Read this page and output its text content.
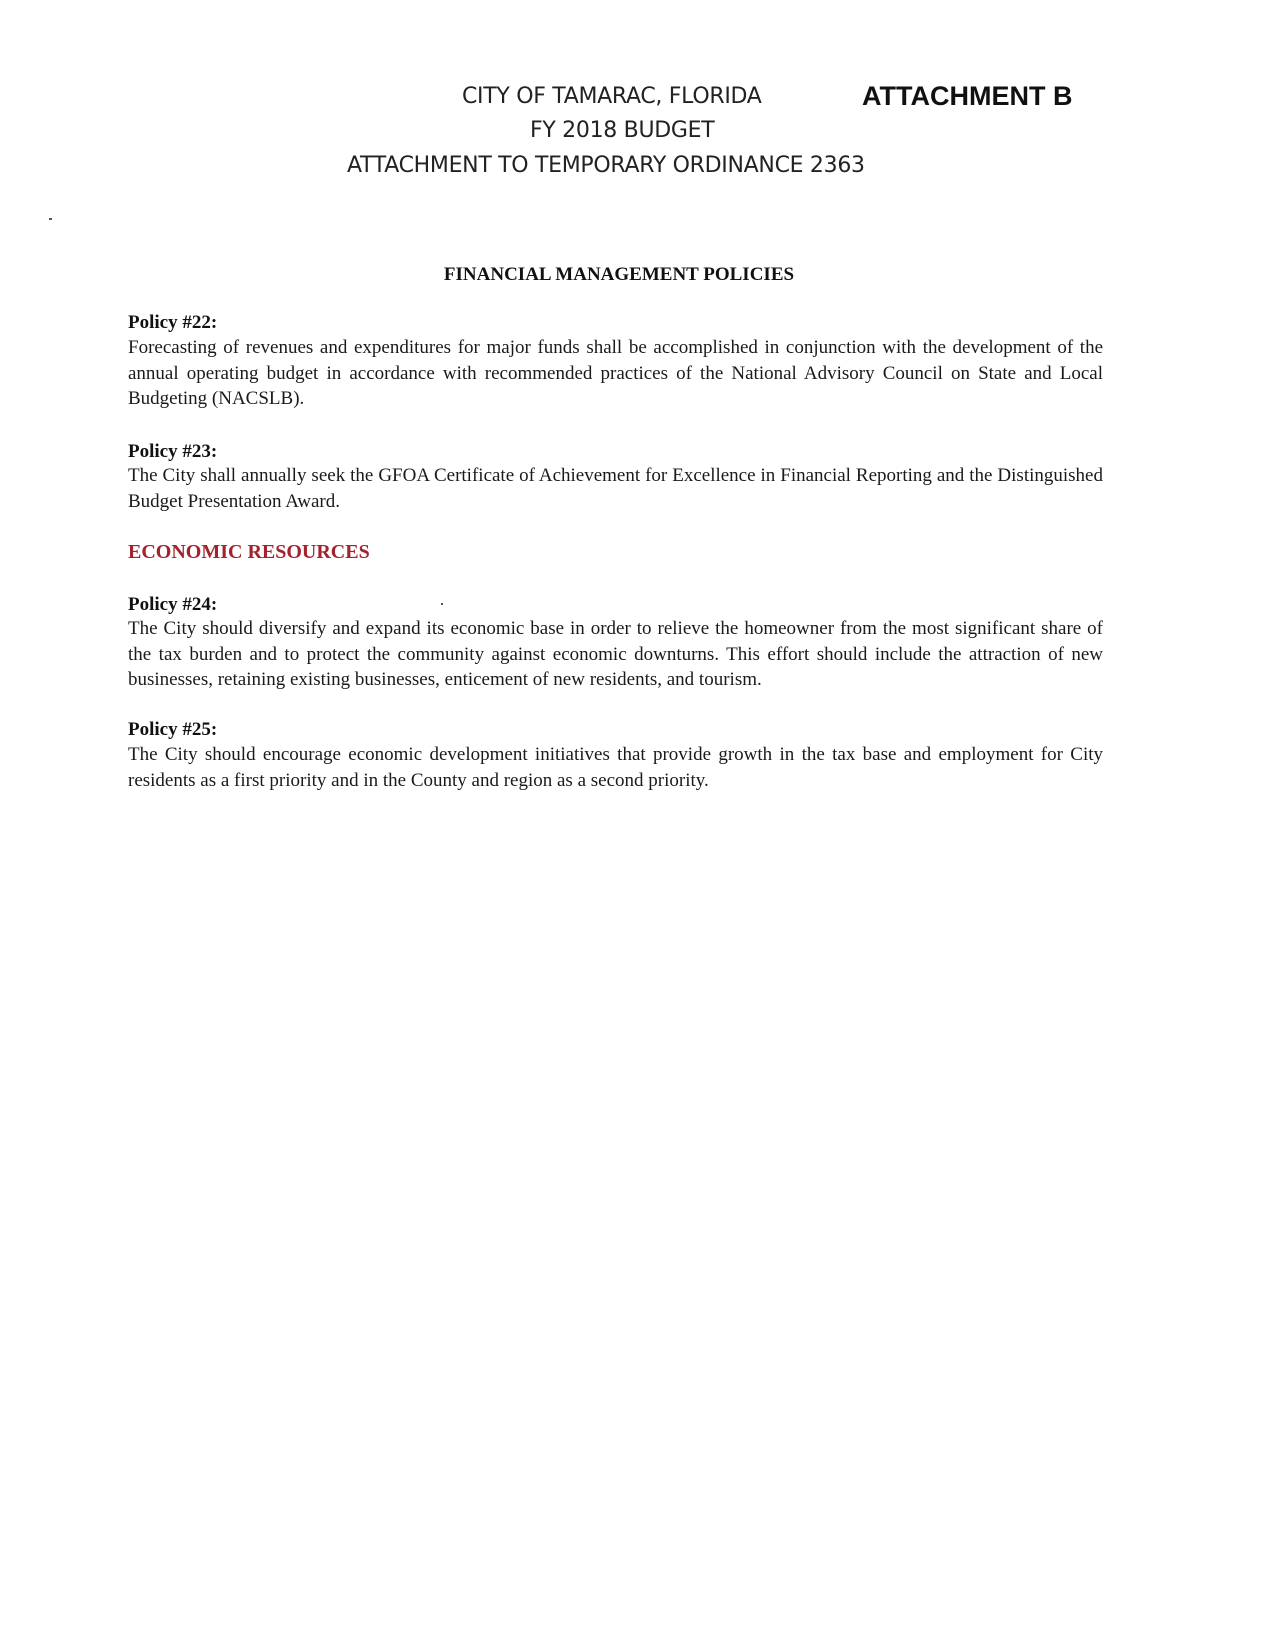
CITY OF TAMARAC, FLORIDA
FY 2018 BUDGET
ATTACHMENT TO TEMPORARY ORDINANCE 2363
ATTACHMENT B
FINANCIAL MANAGEMENT POLICIES
Policy #22:
Forecasting of revenues and expenditures for major funds shall be accomplished in conjunction with the development of the annual operating budget in accordance with recommended practices of the National Advisory Council on State and Local Budgeting (NACSLB).
Policy #23:
The City shall annually seek the GFOA Certificate of Achievement for Excellence in Financial Reporting and the Distinguished Budget Presentation Award.
ECONOMIC RESOURCES
Policy #24:
The City should diversify and expand its economic base in order to relieve the homeowner from the most significant share of the tax burden and to protect the community against economic downturns. This effort should include the attraction of new businesses, retaining existing businesses, enticement of new residents, and tourism.
Policy #25:
The City should encourage economic development initiatives that provide growth in the tax base and employment for City residents as a first priority and in the County and region as a second priority.
